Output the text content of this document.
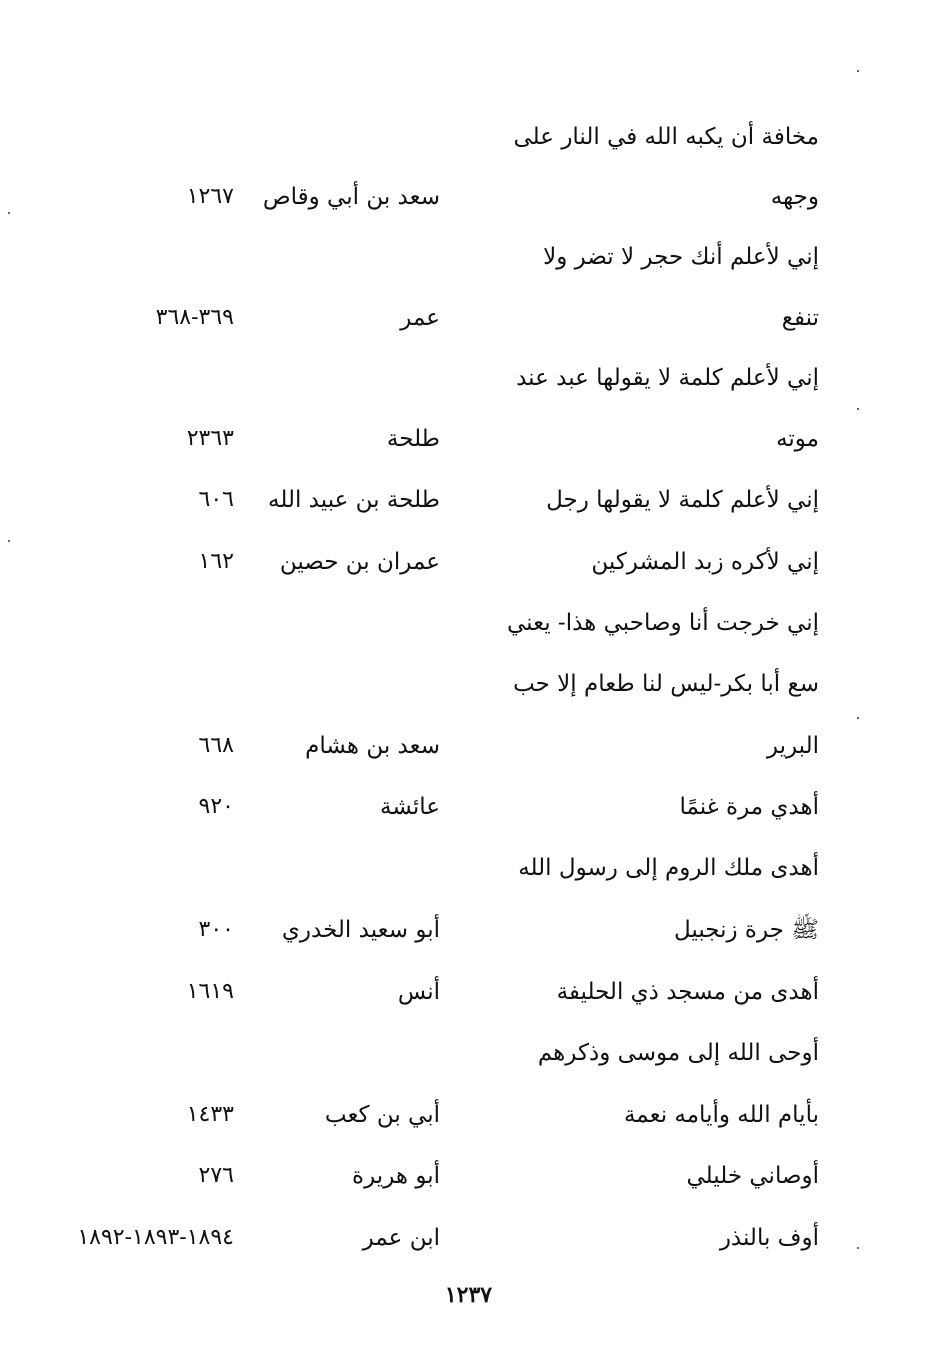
مخافة أن يكبه الله في النار على
وجهه
سعد بن أبي وقاص
١٢٦٧
إني لأعلم أنك حجر لا تضر ولا
تنفع
عمر
٣٦٩-٣٦٨
إني لأعلم كلمة لا يقولها عبد عند
موته
طلحة
٢٣٦٣
إني لأعلم كلمة لا يقولها رجل
طلحة بن عبيد الله
٦٠٦
إني لأكره زبد المشركين
عمران بن حصين
١٦٢
إني خرجت أنا وصاحبي هذا- يعني
سع أبا بكر-ليس لنا طعام إلا حب
البرير
سعد بن هشام
٦٦٨
أهدي مرة غنمًا
عائشة
٩٢٠
أهدى ملك الروم إلى رسول الله
ﷺ جرة زنجبيل
أبو سعيد الخدري
٣٠٠
أهدى من مسجد ذي الحليفة
أنس
١٦١٩
أوحى الله إلى موسى وذكرهم
بأيام الله وأيامه نعمة
أبي بن كعب
١٤٣٣
أوصاني خليلي
أبو هريرة
٢٧٦
أوف بالنذر
ابن عمر
١٨٩٤-١٨٩٣-١٨٩٢
١٢٣٧
